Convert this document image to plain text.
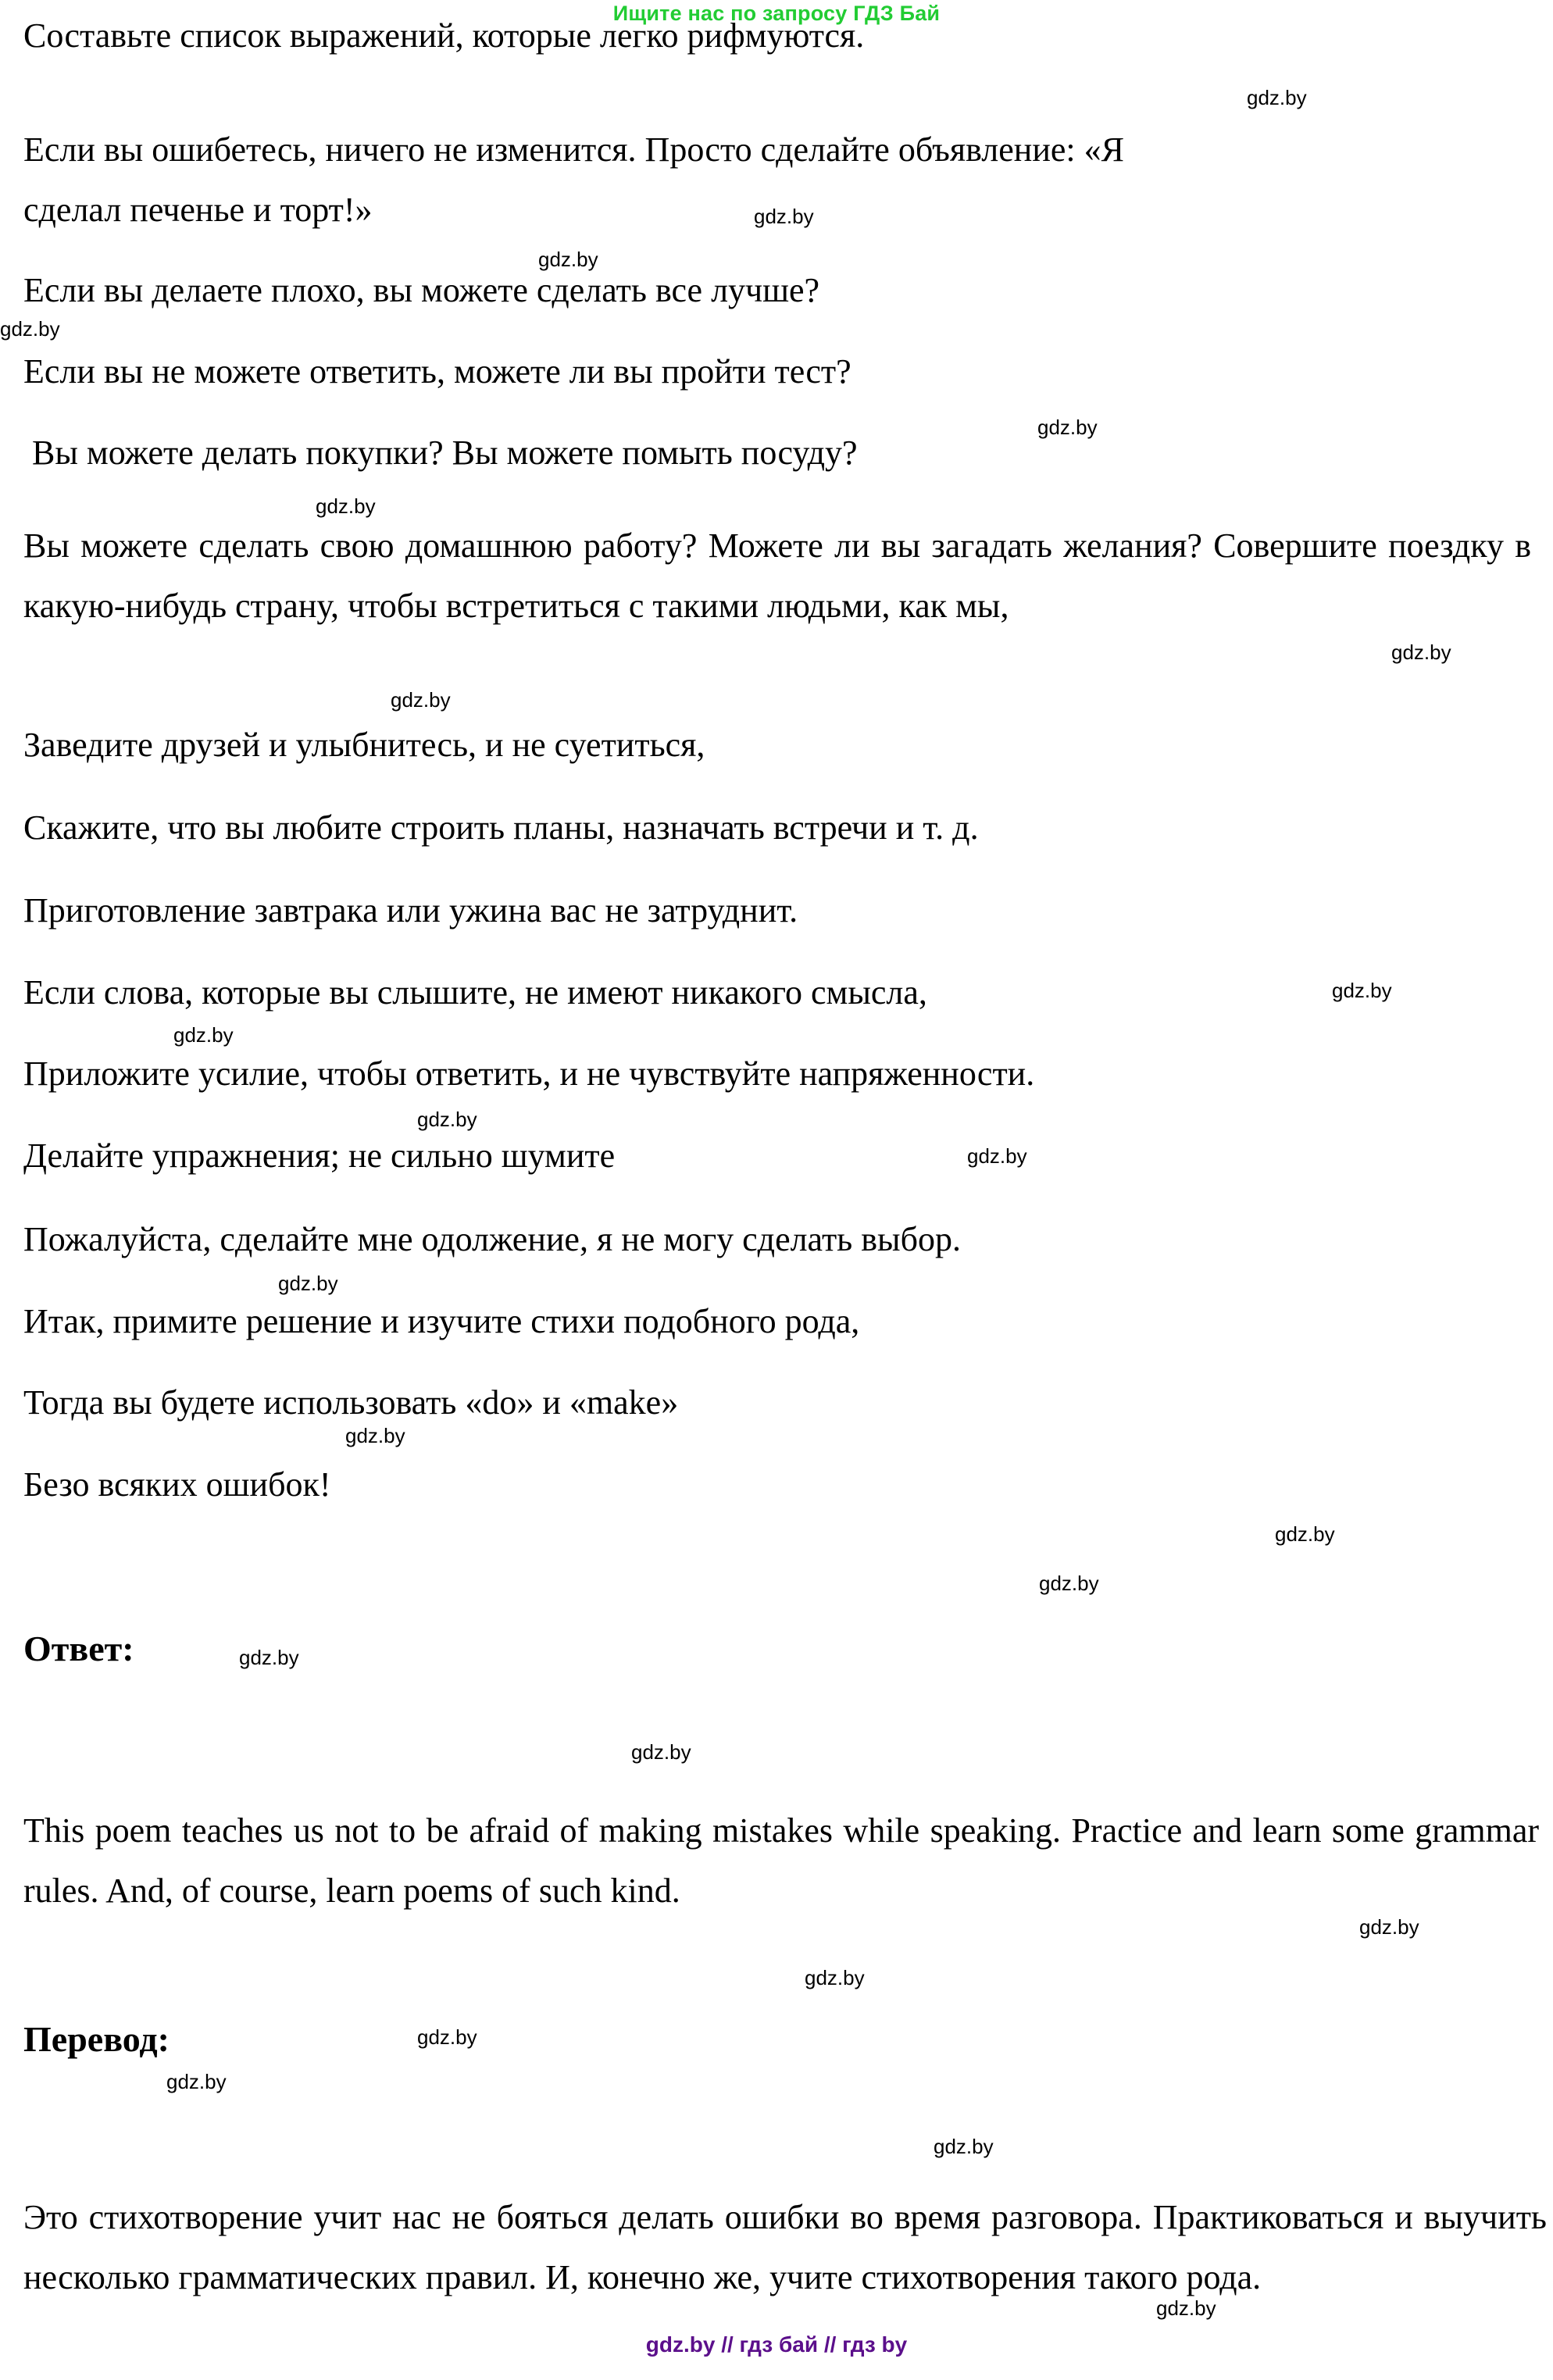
Ищите нас по запросу ГДЗ Бай
Составьте список выражений, которые легко рифмуются.
Если вы ошибетесь, ничего не изменится. Просто сделайте объявление: «Я
сделал печенье и торт!»
Если вы делаете плохо, вы можете сделать все лучше?
Если вы не можете ответить, можете ли вы пройти тест?
Вы можете делать покупки? Вы можете помыть посуду?
Вы можете сделать свою домашнюю работу? Можете ли вы загадать желания? Совершите поездку в какую-нибудь страну, чтобы встретиться с такими людьми, как мы,
Заведите друзей и улыбнитесь, и не суетиться,
Скажите, что вы любите строить планы, назначать встречи и т. д.
Приготовление завтрака или ужина вас не затруднит.
Если слова, которые вы слышите, не имеют никакого смысла,
Приложите усилие, чтобы ответить, и не чувствуйте напряженности.
Делайте упражнения; не сильно шумите
Пожалуйста, сделайте мне одолжение, я не могу сделать выбор.
Итак, примите решение и изучите стихи подобного рода,
Тогда вы будете использовать «do» и «make»
Безо всяких ошибок!
Ответ:
This poem teaches us not to be afraid of making mistakes while speaking. Practice and learn some grammar rules. And, of course, learn poems of such kind.
Перевод:
Это стихотворение учит нас не бояться делать ошибки во время разговора. Практиковаться и выучить несколько грамматических правил. И, конечно же, учите стихотворения такого рода.
gdz.by
gdz.by
gdz.by
gdz.by
gdz.by
gdz.by
gdz.by
gdz.by
gdz.by
gdz.by
gdz.by
gdz.by
gdz.by
gdz.by
gdz.by
gdz.by
gdz.by
gdz.by
gdz.by
gdz.by
gdz.by
gdz.by
gdz.by
gdz.by
gdz.by // гдз бай // гдз by
